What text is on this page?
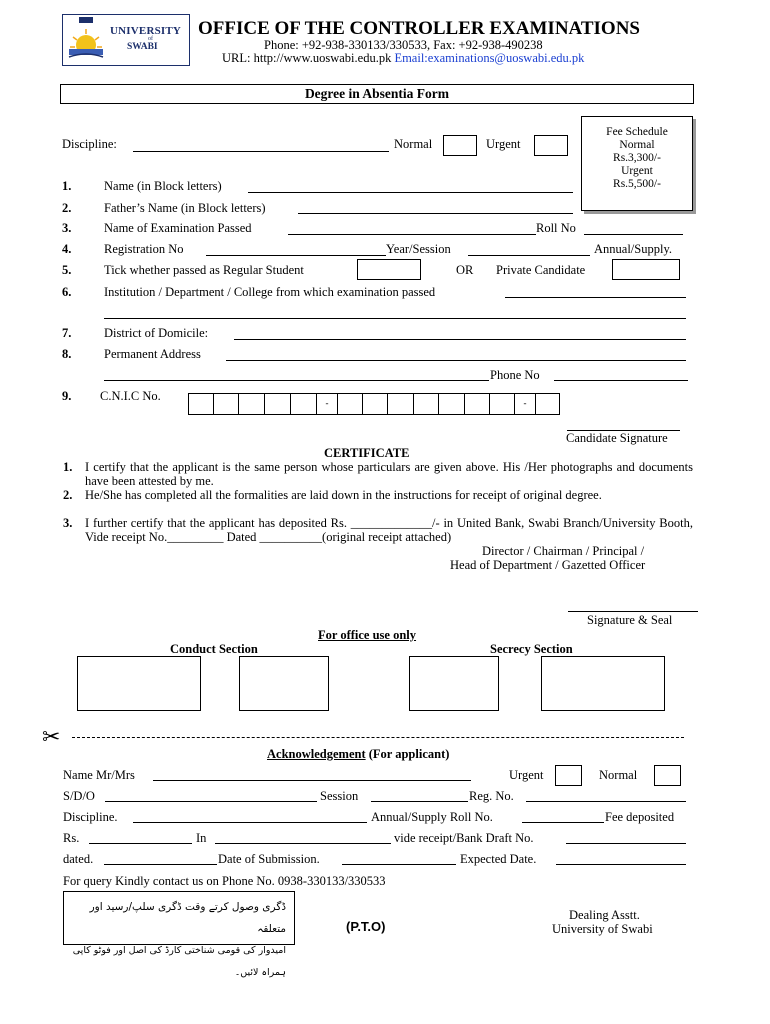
UNIVERSITY
of
SWABI
OFFICE OF THE CONTROLLER EXAMINATIONS
Phone: +92-938-330133/330533, Fax: +92-938-490238
URL: http://www.uoswabi.edu.pk Email:examinations@uoswabi.edu.pk
Degree in Absentia Form
Fee Schedule
Normal
Rs.3,300/-
Urgent
Rs.5,500/-
Discipline:	Normal	Urgent
1.	Name (in Block letters)
2.	Father’s Name (in Block letters)
3.	Name of Examination Passed	Roll No
4.	Registration No	Year/Session	Annual/Supply.
5.	Tick whether passed as Regular Student	OR Private Candidate
6.	Institution / Department / College from which examination passed
7.	District of Domicile:
8.	Permanent Address
Phone No
9. C.N.I.C No.	-	-
Candidate Signature
CERTIFICATE
1. I certify that the applicant is the same person whose particulars are given above. His /Her photographs and documents have been attested by me.
2. He/She has completed all the formalities are laid down in the instructions for receipt of original degree.
3. I further certify that the applicant has deposited Rs. _____________/- in United Bank, Swabi Branch/University Booth, Vide receipt No._________ Dated __________(original receipt attached)
Director / Chairman / Principal /
Head of Department / Gazetted Officer
Signature & Seal
For office use only
Conduct Section	Secrecy Section
✂
Acknowledgement (For applicant)
Name Mr/Mrs	Urgent	Normal
S/D/O	Session	Reg. No.
Discipline.	Annual/Supply Roll No.	Fee deposited
Rs.	In	vide receipt/Bank Draft No.
dated.	Date of Submission.	Expected Date.
For query Kindly contact us on Phone No. 0938-330133/330533
ڈگری وصول کرتے وقت ڈگری سلپ/رسید اور متعلقہ
امیدوار کی قومی شناختی کارڈ کی اصل اور فوٹو کاپی ہمراہ لائیں۔
(P.T.O)
Dealing Asstt.
University of Swabi
